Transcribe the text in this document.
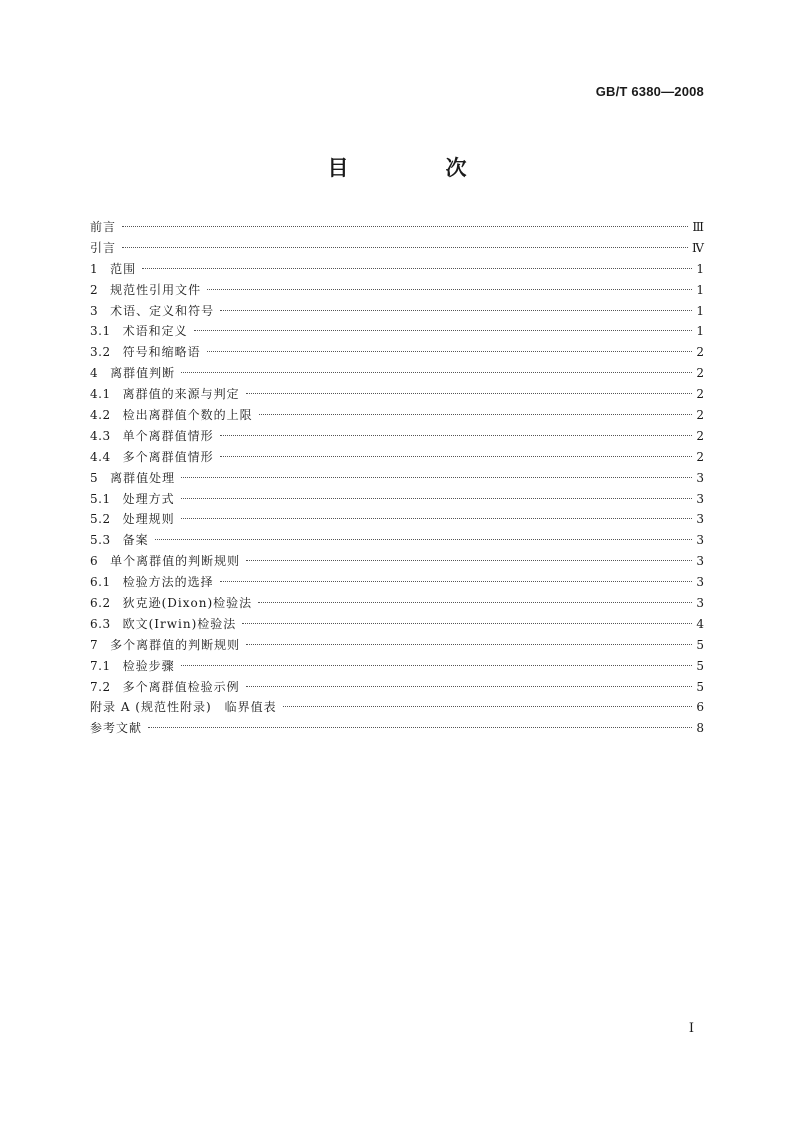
GB/T 6380—2008
目　次
前言	Ⅲ
引言	Ⅳ
1 范围	1
2 规范性引用文件	1
3 术语、定义和符号	1
3.1 术语和定义	1
3.2 符号和缩略语	2
4 离群值判断	2
4.1 离群值的来源与判定	2
4.2 检出离群值个数的上限	2
4.3 单个离群值情形	2
4.4 多个离群值情形	2
5 离群值处理	3
5.1 处理方式	3
5.2 处理规则	3
5.3 备案	3
6 单个离群值的判断规则	3
6.1 检验方法的选择	3
6.2 狄克逊(Dixon)检验法	3
6.3 欧文(Irwin)检验法	4
7 多个离群值的判断规则	5
7.1 检验步骤	5
7.2 多个离群值检验示例	5
附录 A (规范性附录)　临界值表	6
参考文献	8
I
